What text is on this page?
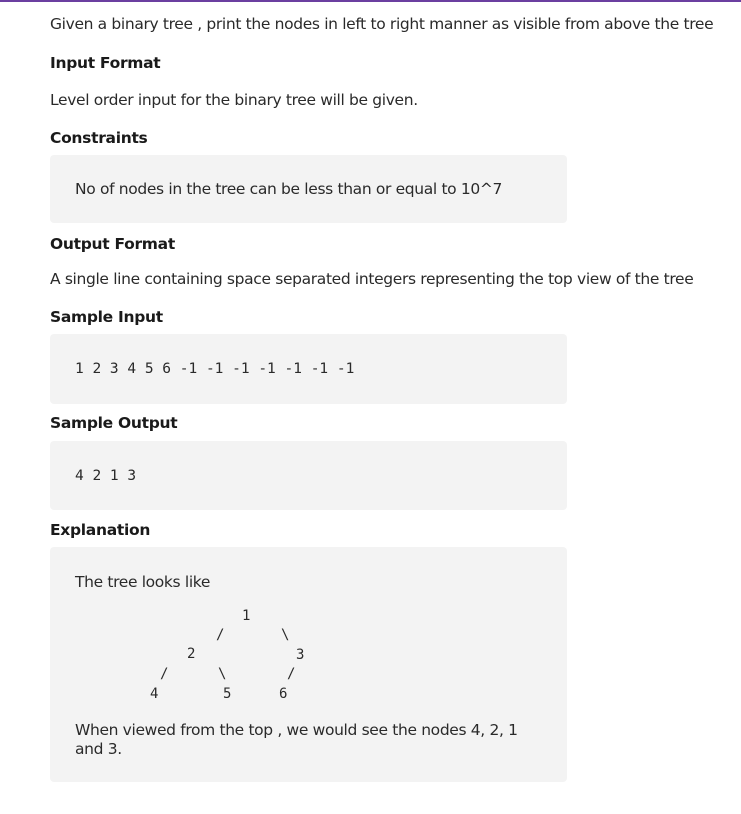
Given a binary tree , print the nodes in left to right manner as visible from above the tree
Input Format
Level order input for the binary tree will be given.
Constraints
No of nodes in the tree can be less than or equal to 10^7
Output Format
A single line containing space separated integers representing the top view of the tree
Sample Input
1 2 3 4 5 6 -1 -1 -1 -1 -1 -1 -1
Sample Output
4 2 1 3
Explanation
The tree looks like
1
/	\
2	3
/	\	/
4	5	6
When viewed from the top , we would see the nodes 4, 2, 1 and 3.
